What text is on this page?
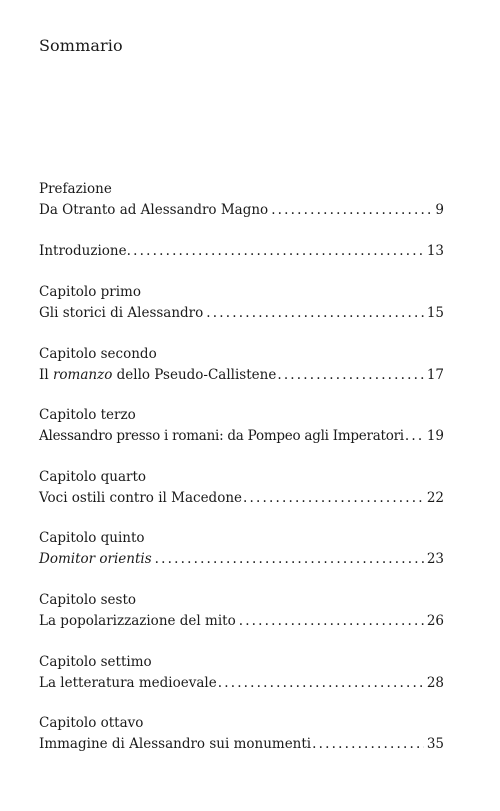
Sommario
Prefazione
Da Otranto ad Alessandro Magno .....	9
Introduzione .....	13
Capitolo primo
Gli storici di Alessandro .....	15
Capitolo secondo
Il romanzo dello Pseudo-Callistene .....	17
Capitolo terzo
Alessandro presso i romani: da Pompeo agli Imperatori ..... 19
Capitolo quarto
Voci ostili contro il Macedone .....	22
Capitolo quinto
Domitor orientis .....	23
Capitolo sesto
La popolarizzazione del mito .....	26
Capitolo settimo
La letteratura medioevale .....	28
Capitolo ottavo
Immagine di Alessandro sui monumenti .....	35
